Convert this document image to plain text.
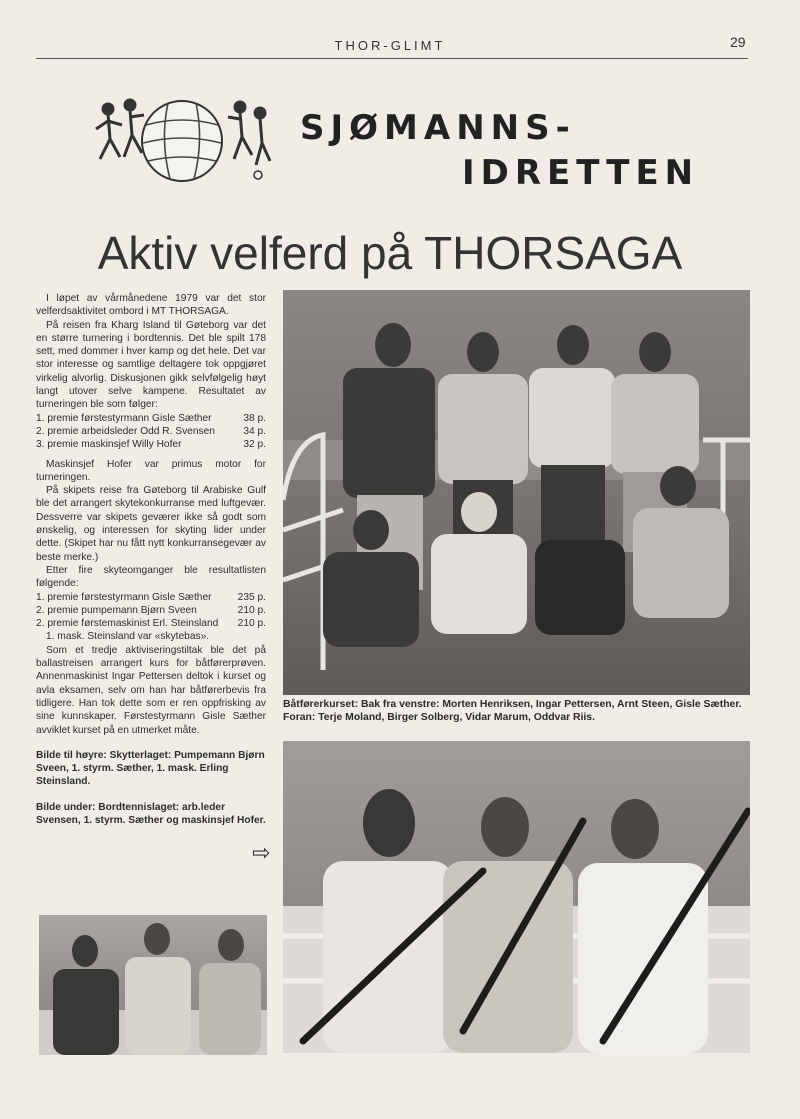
THOR-GLIMT	29
SJØMANNS-
IDRETTEN
Aktiv velferd på THORSAGA

I løpet av vårmånedene 1979 var det stor velferdsaktivitet ombord i MT THORSAGA.

På reisen fra Kharg Island til Gøteborg var det en større turnering i bordtennis. Det ble spilt 178 sett, med dommer i hver kamp og det hele. Det var stor interesse og samtlige deltagere tok oppgjøret virkelig alvorlig. Diskusjonen gikk selvfølgelig høyt langt utover selve kampene. Resultatet av turneringen ble som følger:

1. premie førstestyrmann Gisle Sæther	38 p.
2. premie arbeidsleder Odd R. Svensen	34 p.
3. premie maskinsjef Willy Hofer	32 p.

Maskinsjef Hofer var primus motor for turneringen.

På skipets reise fra Gøteborg til Arabiske Gulf ble det arrangert skytekonkurranse med luftgevær. Dessverre var skipets geværer ikke så godt som ønskelig, og interessen for skyting lider under dette. (Skipet har nu fått nytt konkurransegevær av beste merke.)

Etter fire skyteomganger ble resultatlisten følgende:

1. premie førstestyrmann Gisle Sæther	235 p.
2. premie pumpemann Bjørn Sveen	210 p.
2. premie førstemaskinist Erl. Steinsland	210 p.
1. mask. Steinsland var «skytebas».

Som et tredje aktiviseringstiltak ble det på ballastreisen arrangert kurs for båtførerprøven. Annenmaskinist Ingar Pettersen deltok i kurset og avla eksamen, selv om han har båtførerbevis fra tidligere. Han tok dette som er ren oppfrisking av sine kunnskaper. Førstestyrmann Gisle Sæther avviklet kurset på en utmerket måte.

Bilde til høyre: Skytterlaget: Pumpemann Bjørn Sveen, 1. styrm. Sæther, 1. mask. Erling Steinsland.
Bilde under: Bordtennislaget: arb.leder Svensen, 1. styrm. Sæther og maskinsjef Hofer.
⇨
Båtførerkurset: Bak fra venstre: Morten Henriksen, Ingar Pettersen, Arnt Steen, Gisle Sæther. Foran: Terje Moland, Birger Solberg, Vidar Marum, Oddvar Riis.
